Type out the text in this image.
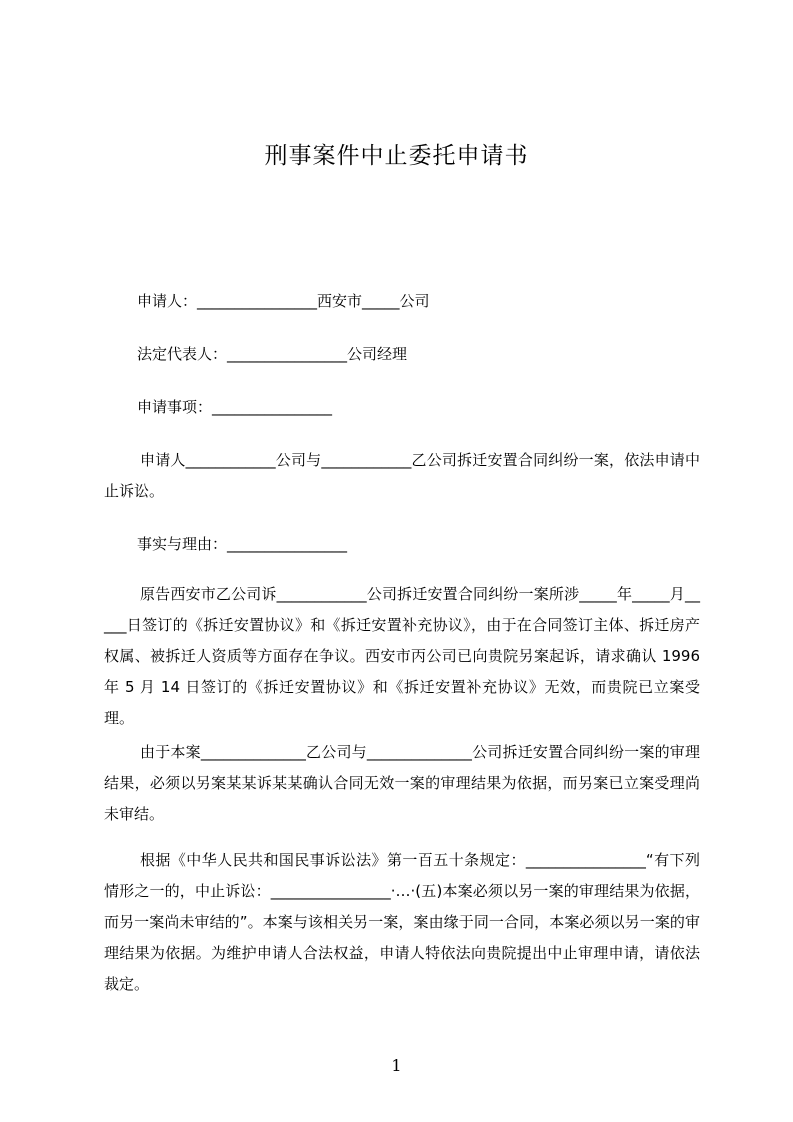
刑事案件中止委托申请书
申请人：________________西安市_____公司
法定代表人：________________公司经理
申请事项：________________
申请人____________公司与____________乙公司拆迁安置合同纠纷一案，依法申请中止诉讼。
事实与理由：________________
原告西安市乙公司诉____________公司拆迁安置合同纠纷一案所涉_____年_____月_____日签订的《拆迁安置协议》和《拆迁安置补充协议》，由于在合同签订主体、拆迁房产权属、被拆迁人资质等方面存在争议。西安市丙公司已向贵院另案起诉，请求确认 1996 年 5 月 14 日签订的《拆迁安置协议》和《拆迁安置补充协议》无效，而贵院已立案受理。
由于本案______________乙公司与______________公司拆迁安置合同纠纷一案的审理结果，必须以另案某某诉某某确认合同无效一案的审理结果为依据，而另案已立案受理尚未审结。
根据《中华人民共和国民事诉讼法》第一百五十条规定：________________“有下列情形之一的，中止诉讼：________________·…·(五)本案必须以另一案的审理结果为依据，而另一案尚未审结的”。本案与该相关另一案，案由缘于同一合同，本案必须以另一案的审理结果为依据。为维护申请人合法权益，申请人特依法向贵院提出中止审理申请，请依法裁定。
1
